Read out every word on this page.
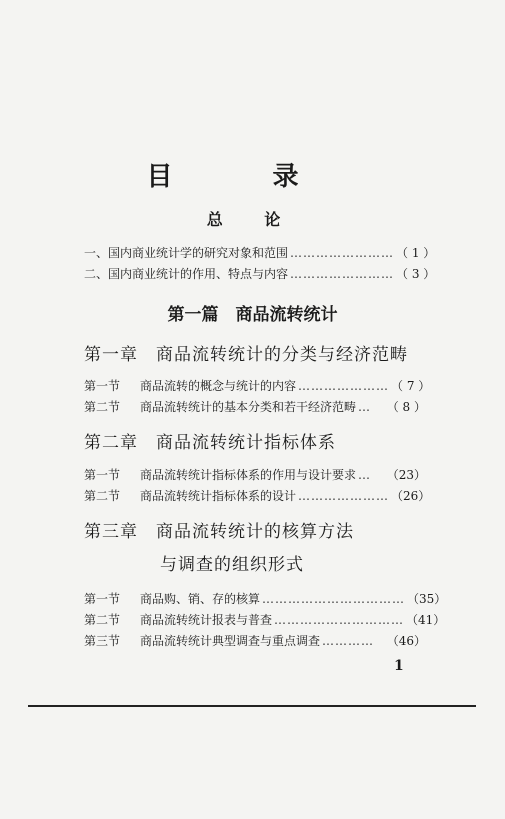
目 录
总 论
一、国内商业统计学的研究对象和范围 …………………… （ 1 ）
二、国内商业统计的作用、特点与内容 …………………… （ 3 ）
第一篇　商品流转统计
第一章 商品流转统计的分类与经济范畴
第一节	商品流转的概念与统计的内容 ………………… （ 7 ）
第二节	商品流转统计的基本分类和若干经济范畴 …	（ 8 ）
第二章 商品流转统计指标体系
第一节	商品流转统计指标体系的作用与设计要求 …	（23）
第二节	商品流转统计指标体系的设计 ………………… （26）
第三章 商品流转统计的核算方法
与调查的组织形式
第一节	商品购、销、存的核算 …………………………… （35）
第二节	商品流转统计报表与普查 ………………………… （41）
第三节	商品流转统计典型调查与重点调查 …………	（46）
1
